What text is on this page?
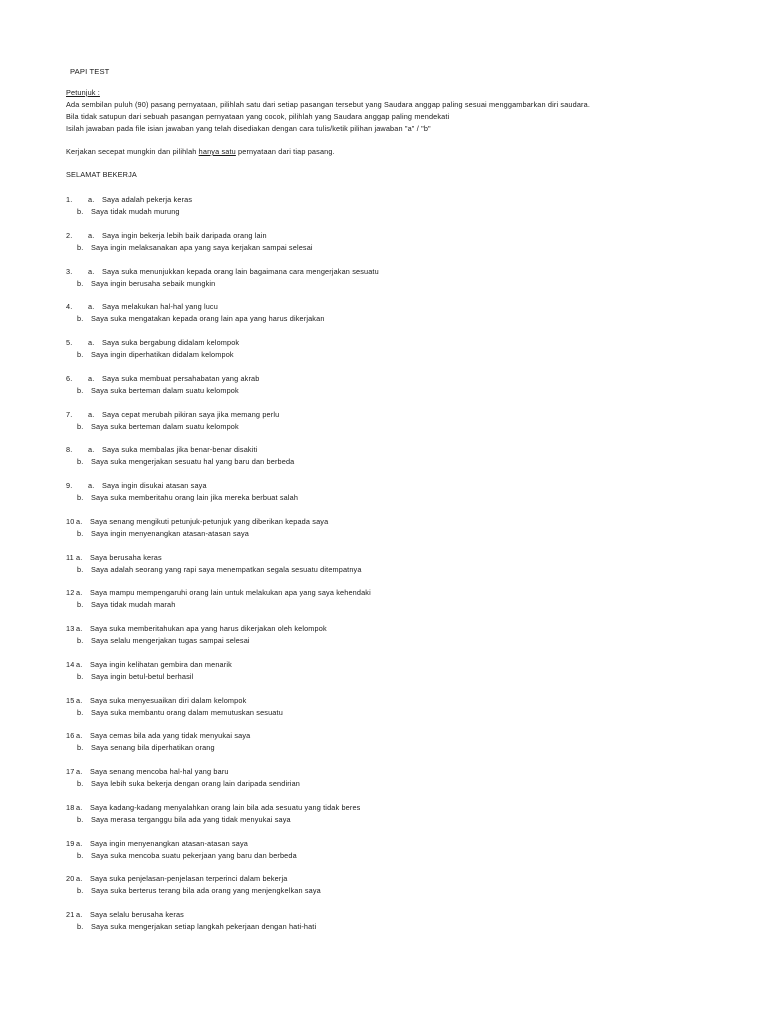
PAPI TEST
Petunjuk :
Ada sembilan puluh (90) pasang pernyataan, pilihlah satu dari setiap pasangan tersebut yang Saudara anggap paling sesuai menggambarkan diri saudara.
Bila tidak satupun dari sebuah pasangan pernyataan yang cocok, pilihlah yang Saudara anggap paling mendekati
Isilah jawaban pada file isian jawaban yang telah disediakan dengan cara tulis/ketik pilihan jawaban "a" / "b"
Kerjakan secepat mungkin dan pilihlah hanya satu pernyataan dari tiap pasang.
SELAMAT BEKERJA
1. a. Saya adalah pekerja keras
b. Saya tidak mudah murung
2. a. Saya ingin bekerja lebih baik daripada orang lain
b. Saya ingin melaksanakan apa yang saya kerjakan sampai selesai
3. a. Saya suka menunjukkan kepada orang lain bagaimana cara mengerjakan sesuatu
b. Saya ingin berusaha sebaik mungkin
4. a. Saya melakukan hal-hal yang lucu
b. Saya suka mengatakan kepada orang lain apa yang harus dikerjakan
5. a. Saya suka bergabung didalam kelompok
b. Saya ingin diperhatikan didalam kelompok
6. a. Saya suka membuat persahabatan yang akrab
b. Saya suka berteman dalam suatu kelompok
7. a. Saya cepat merubah pikiran saya jika memang perlu
b. Saya suka berteman dalam suatu kelompok
8. a. Saya suka membalas jika benar-benar disakiti
b. Saya suka mengerjakan sesuatu hal yang baru dan berbeda
9. a. Saya ingin disukai atasan saya
b. Saya suka memberitahu orang lain jika mereka berbuat salah
10 a. Saya senang mengikuti petunjuk-petunjuk yang diberikan kepada saya
b. Saya ingin menyenangkan atasan-atasan saya
11 a. Saya berusaha keras
b. Saya adalah seorang yang rapi saya menempatkan segala sesuatu ditempatnya
12 a. Saya mampu mempengaruhi orang lain untuk melakukan apa yang saya kehendaki
b. Saya tidak mudah marah
13 a. Saya suka memberitahukan apa yang harus dikerjakan oleh kelompok
b. Saya selalu mengerjakan tugas sampai selesai
14 a. Saya ingin kelihatan gembira dan menarik
b. Saya ingin betul-betul berhasil
15 a. Saya suka menyesuaikan diri dalam kelompok
b. Saya suka membantu orang dalam memutuskan sesuatu
16 a. Saya cemas bila ada yang tidak menyukai saya
b. Saya senang bila diperhatikan orang
17 a. Saya senang mencoba hal-hal yang baru
b. Saya lebih suka bekerja dengan orang lain daripada sendirian
18 a. Saya kadang-kadang menyalahkan orang lain bila ada sesuatu yang tidak beres
b. Saya merasa terganggu bila ada yang tidak menyukai saya
19 a. Saya ingin menyenangkan atasan-atasan saya
b. Saya suka mencoba suatu pekerjaan yang baru dan berbeda
20 a. Saya suka penjelasan-penjelasan terperinci dalam bekerja
b. Saya suka berterus terang bila ada orang yang menjengkelkan saya
21 a. Saya selalu berusaha keras
b. Saya suka mengerjakan setiap langkah pekerjaan dengan hati-hati
